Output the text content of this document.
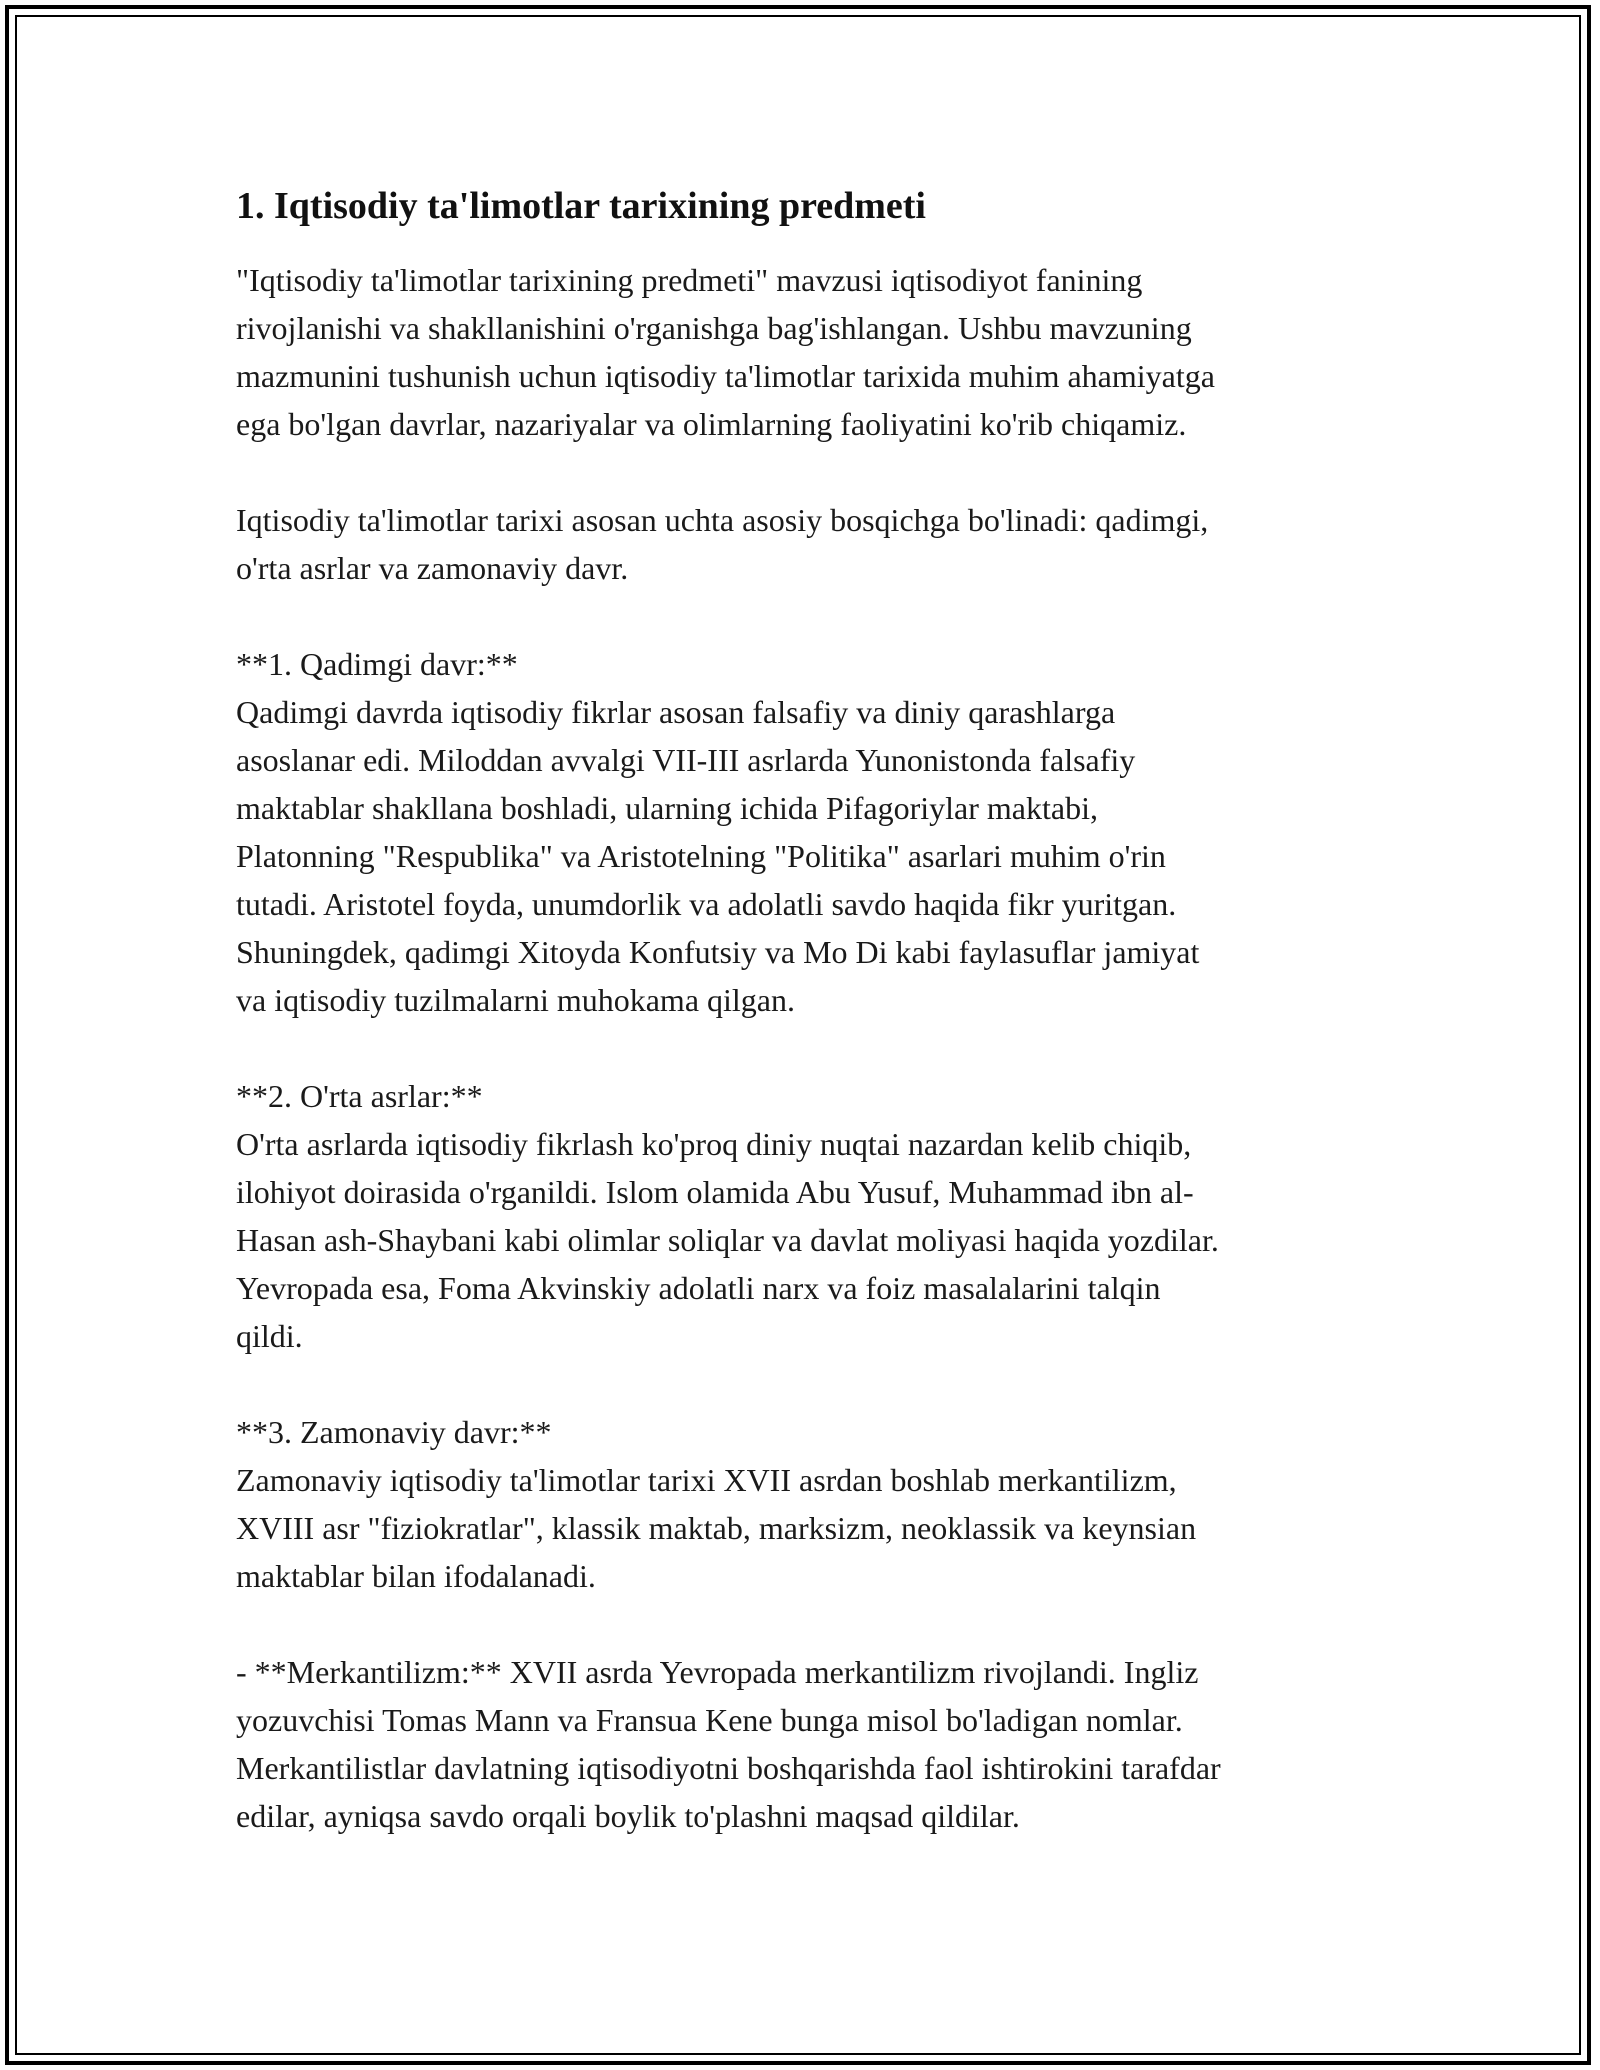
1. Iqtisodiy ta'limotlar tarixining predmeti

"Iqtisodiy ta'limotlar tarixining predmeti" mavzusi iqtisodiyot fanining
rivojlanishi va shakllanishini o'rganishga bag'ishlangan. Ushbu mavzuning
mazmunini tushunish uchun iqtisodiy ta'limotlar tarixida muhim ahamiyatga
ega bo'lgan davrlar, nazariyalar va olimlarning faoliyatini ko'rib chiqamiz.

Iqtisodiy ta'limotlar tarixi asosan uchta asosiy bosqichga bo'linadi: qadimgi,
o'rta asrlar va zamonaviy davr.

**1. Qadimgi davr:**
Qadimgi davrda iqtisodiy fikrlar asosan falsafiy va diniy qarashlarga
asoslanar edi. Miloddan avvalgi VII-III asrlarda Yunonistonda falsafiy
maktablar shakllana boshladi, ularning ichida Pifagoriylar maktabi,
Platonning "Respublika" va Aristotelning "Politika" asarlari muhim o'rin
tutadi. Aristotel foyda, unumdorlik va adolatli savdo haqida fikr yuritgan.
Shuningdek, qadimgi Xitoyda Konfutsiy va Mo Di kabi faylasuflar jamiyat
va iqtisodiy tuzilmalarni muhokama qilgan.

**2. O'rta asrlar:**
O'rta asrlarda iqtisodiy fikrlash ko'proq diniy nuqtai nazardan kelib chiqib,
ilohiyot doirasida o'rganildi. Islom olamida Abu Yusuf, Muhammad ibn al-
Hasan ash-Shaybani kabi olimlar soliqlar va davlat moliyasi haqida yozdilar.
Yevropada esa, Foma Akvinskiy adolatli narx va foiz masalalarini talqin
qildi.

**3. Zamonaviy davr:**
Zamonaviy iqtisodiy ta'limotlar tarixi XVII asrdan boshlab merkantilizm,
XVIII asr "fiziokratlar", klassik maktab, marksizm, neoklassik va keynsian
maktablar bilan ifodalanadi.

- **Merkantilizm:** XVII asrda Yevropada merkantilizm rivojlandi. Ingliz
yozuvchisi Tomas Mann va Fransua Kene bunga misol bo'ladigan nomlar.
Merkantilistlar davlatning iqtisodiyotni boshqarishda faol ishtirokini tarafdar
edilar, ayniqsa savdo orqali boylik to'plashni maqsad qildilar.
